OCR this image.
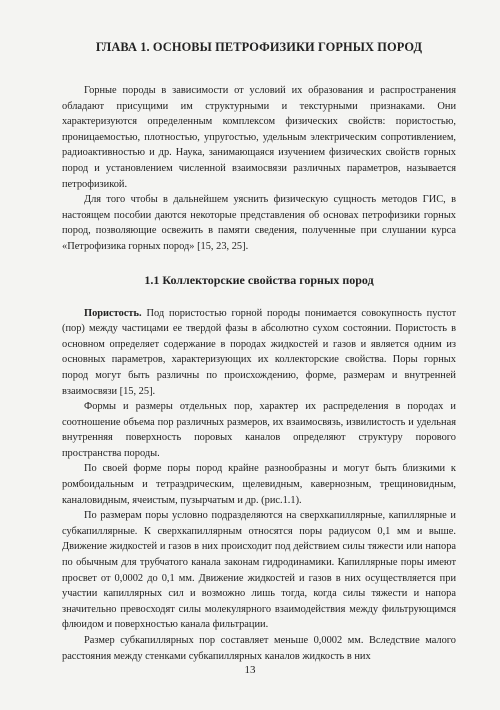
ГЛАВА 1. ОСНОВЫ ПЕТРОФИЗИКИ ГОРНЫХ ПОРОД

Горные породы в зависимости от условий их образования и распространения обладают присущими им структурными и текстурными признаками. Они характеризуются определенным комплексом физических свойств: пористостью, проницаемостью, плотностью, упругостью, удельным электрическим сопротивлением, радиоактивностью и др. Наука, занимающаяся изучением физических свойств горных пород и установлением численной взаимосвязи различных параметров, называется петрофизикой.

Для того чтобы в дальнейшем уяснить физическую сущность методов ГИС, в настоящем пособии даются некоторые представления об основах петрофизики горных пород, позволяющие освежить в памяти сведения, полученные при слушании курса «Петрофизика горных пород» [15, 23, 25].

1.1 Коллекторские свойства горных пород

Пористость. Под пористостью горной породы понимается совокупность пустот (пор) между частицами ее твердой фазы в абсолютно сухом состоянии. Пористость в основном определяет содержание в породах жидкостей и газов и является одним из основных параметров, характеризующих их коллекторские свойства. Поры горных пород могут быть различны по происхождению, форме, размерам и внутренней взаимосвязи [15, 25].

Формы и размеры отдельных пор, характер их распределения в породах и соотношение объема пор различных размеров, их взаимосвязь, извилистость и удельная внутренняя поверхность поровых каналов определяют структуру порового пространства породы.

По своей форме поры пород крайне разнообразны и могут быть близкими к ромбоидальным и тетраэдрическим, щелевидным, кавернозным, трещиновидным, каналовидным, ячеистым, пузырчатым и др. (рис.1.1).

По размерам поры условно подразделяются на сверхкапиллярные, капиллярные и субкапиллярные. К сверхкапиллярным относятся поры радиусом 0,1 мм и выше. Движение жидкостей и газов в них происходит под действием силы тяжести или напора по обычным для трубчатого канала законам гидродинамики. Капиллярные поры имеют просвет от 0,0002 до 0,1 мм. Движение жидкостей и газов в них осуществляется при участии капиллярных сил и возможно лишь тогда, когда силы тяжести и напора значительно превосходят силы молекулярного взаимодействия между фильтрующимся флюидом и поверхностью канала фильтрации.

Размер субкапиллярных пор составляет меньше 0,0002 мм. Вследствие малого расстояния между стенками субкапиллярных каналов жидкость в них

13
